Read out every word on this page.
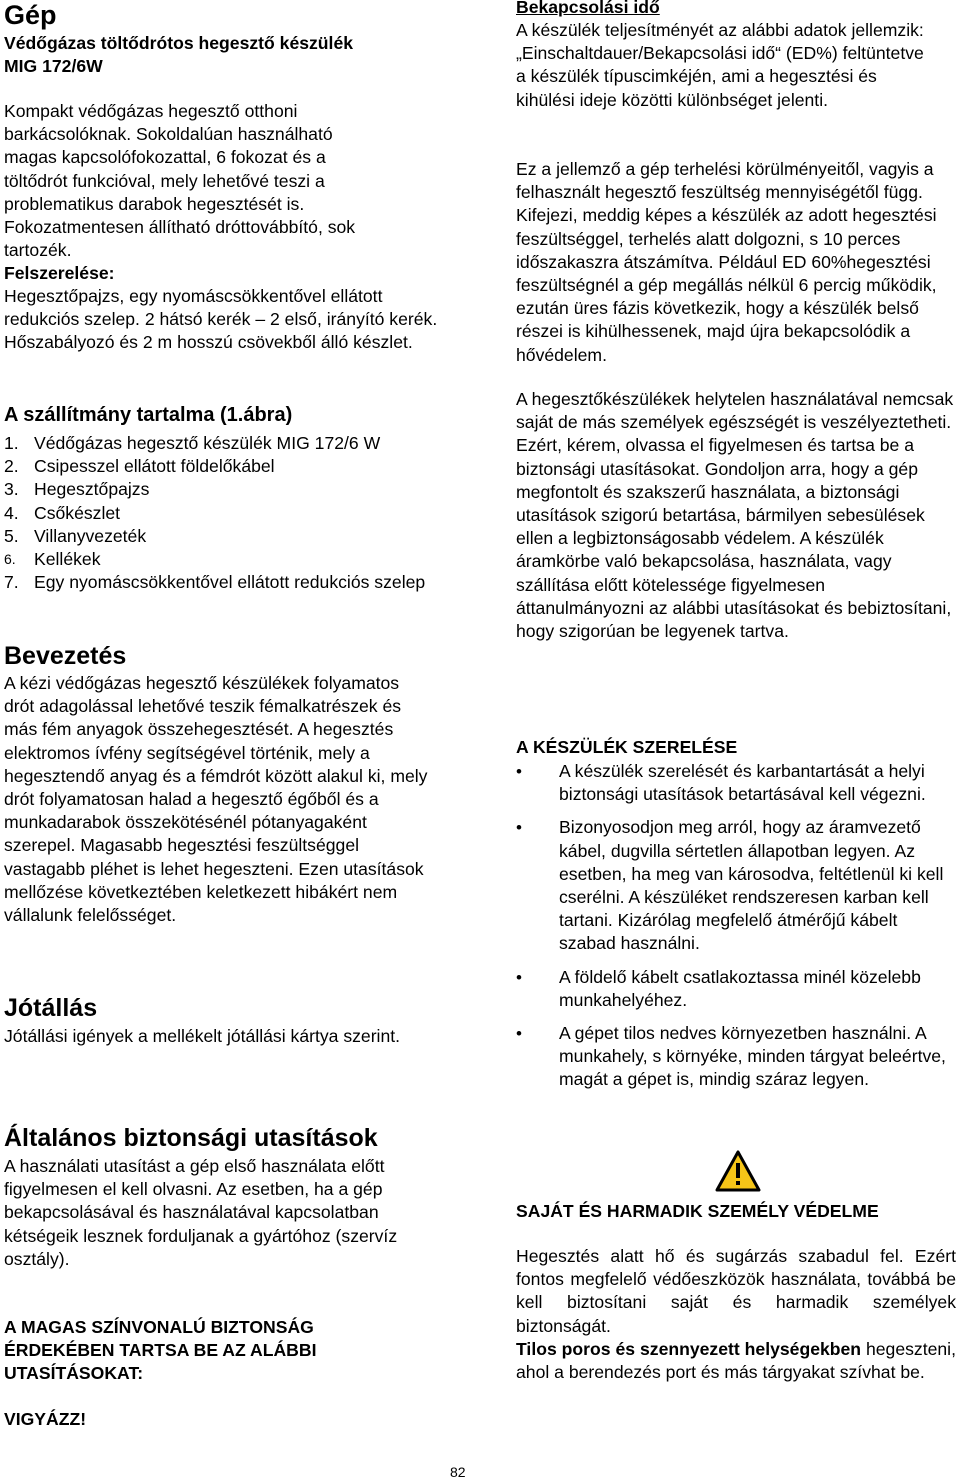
Gép
Védőgázas töltődrótos hegesztő készülék
MIG 172/6W

Kompakt védőgázas hegesztő otthoni barkácsolóknak. Sokoldalúan használható magas kapcsolófokozattal, 6 fokozat és a töltődrót funkcióval, mely lehetővé teszi a problematikus darabok hegesztését is. Fokozatmentesen állítható dróttovábbító, sok tartozék.

Felszerelése:

Hegesztőpajzs, egy nyomáscsökkentővel ellátott redukciós szelep. 2 hátsó kerék – 2 első, irányító kerék. Hőszabályozó és 2 m hosszú csövekből álló készlet.

A szállítmány tartalma (1.ábra)
1. Védőgázas hegesztő készülék MIG 172/6 W
2. Csipesszel ellátott földelőkábel
3. Hegesztőpajzs
4. Csőkészlet
5. Villanyvezeték
6. Kellékek
7. Egy nyomáscsökkentővel ellátott redukciós szelep
Bevezetés

A kézi védőgázas hegesztő készülékek folyamatos drót adagolással lehetővé teszik fémalkatrészek és más fém anyagok összehegesztését. A hegesztés elektromos ívfény segítségével történik, mely a hegesztendő anyag és a fémdrót között alakul ki, mely drót folyamatosan halad a hegesztő égőből és a munkadarabok összekötésénél pótanyagaként szerepel. Magasabb hegesztési feszültséggel vastagabb pléhet is lehet hegeszteni. Ezen utasítások mellőzése következtében keletkezett hibákért nem vállalunk felelősséget.

Jótállás

Jótállási igények a mellékelt jótállási kártya szerint.

Általános biztonsági utasítások

A használati utasítást a gép első használata előtt figyelmesen el kell olvasni. Az esetben, ha a gép bekapcsolásával és használatával kapcsolatban kétségeik lesznek forduljanak a gyártóhoz (szervíz osztály).

A MAGAS SZÍNVONALÚ BIZTONSÁG ÉRDEKÉBEN TARTSA BE AZ ALÁBBI UTASÍTÁSOKAT:

VIGYÁZZ!
Bekapcsolási idő

A készülék teljesítményét az alábbi adatok jellemzik: „Einschaltdauer/Bekapcsolási idő“ (ED%) feltüntetve a készülék típuscimkéjén, ami a hegesztési és kihülési ideje közötti különbséget jelenti.

Ez a jellemző a gép terhelési körülményeitől, vagyis a felhasznált hegesztő feszültség mennyiségétől függ. Kifejezi, meddig képes a készülék az adott hegesztési feszültséggel, terhelés alatt dolgozni, s 10 perces időszakaszra átszámítva. Például ED 60%hegesztési feszültségnél a gép megállás nélkül 6 percig működik, ezután üres fázis következik, hogy a készülék belső részei is kihülhessenek, majd újra bekapcsolódik a hővédelem.

A hegesztőkészülékek helytelen használatával nemcsak saját de más személyek egészségét is veszélyeztetheti. Ezért, kérem, olvassa el figyelmesen és tartsa be a biztonsági utasításokat. Gondoljon arra, hogy a gép megfontolt és szakszerű használata, a biztonsági utasítások szigorú betartása, bármilyen sebesülések ellen a legbiztonságosabb védelem. A készülék áramkörbe való bekapcsolása, használata, vagy szállítása előtt kötelessége figyelmesen áttanulmányozni az alábbi utasításokat és bebiztosítani, hogy szigorúan be legyenek tartva.

A KÉSZÜLÉK SZERELÉSE
• A készülék szerelését és karbantartását a helyi biztonsági utasítások betartásával kell végezni.
• Bizonyosodjon meg arról, hogy az áramvezető kábel, dugvilla sértetlen állapotban legyen. Az esetben, ha meg van károsodva, feltétlenül ki kell cserélni. A készüléket rendszeresen karban kell tartani. Kizárólag megfelelő átmérőjű kábelt szabad használni.
• A földelő kábelt csatlakoztassa minél közelebb munkahelyéhez.
• A gépet tilos nedves környezetben használni. A munkahely, s környéke, minden tárgyat beleértve, magát a gépet is, mindig száraz legyen.
SAJÁT ÉS HARMADIK SZEMÉLY VÉDELME

Hegesztés alatt hő és sugárzás szabadul fel. Ezért fontos megfelelő védőeszközök használata, továbbá be kell biztosítani saját és harmadik személyek biztonságát.

Tilos poros és szennyezett helységekben hegeszteni, ahol a berendezés port és más tárgyakat szívhat be.

82
